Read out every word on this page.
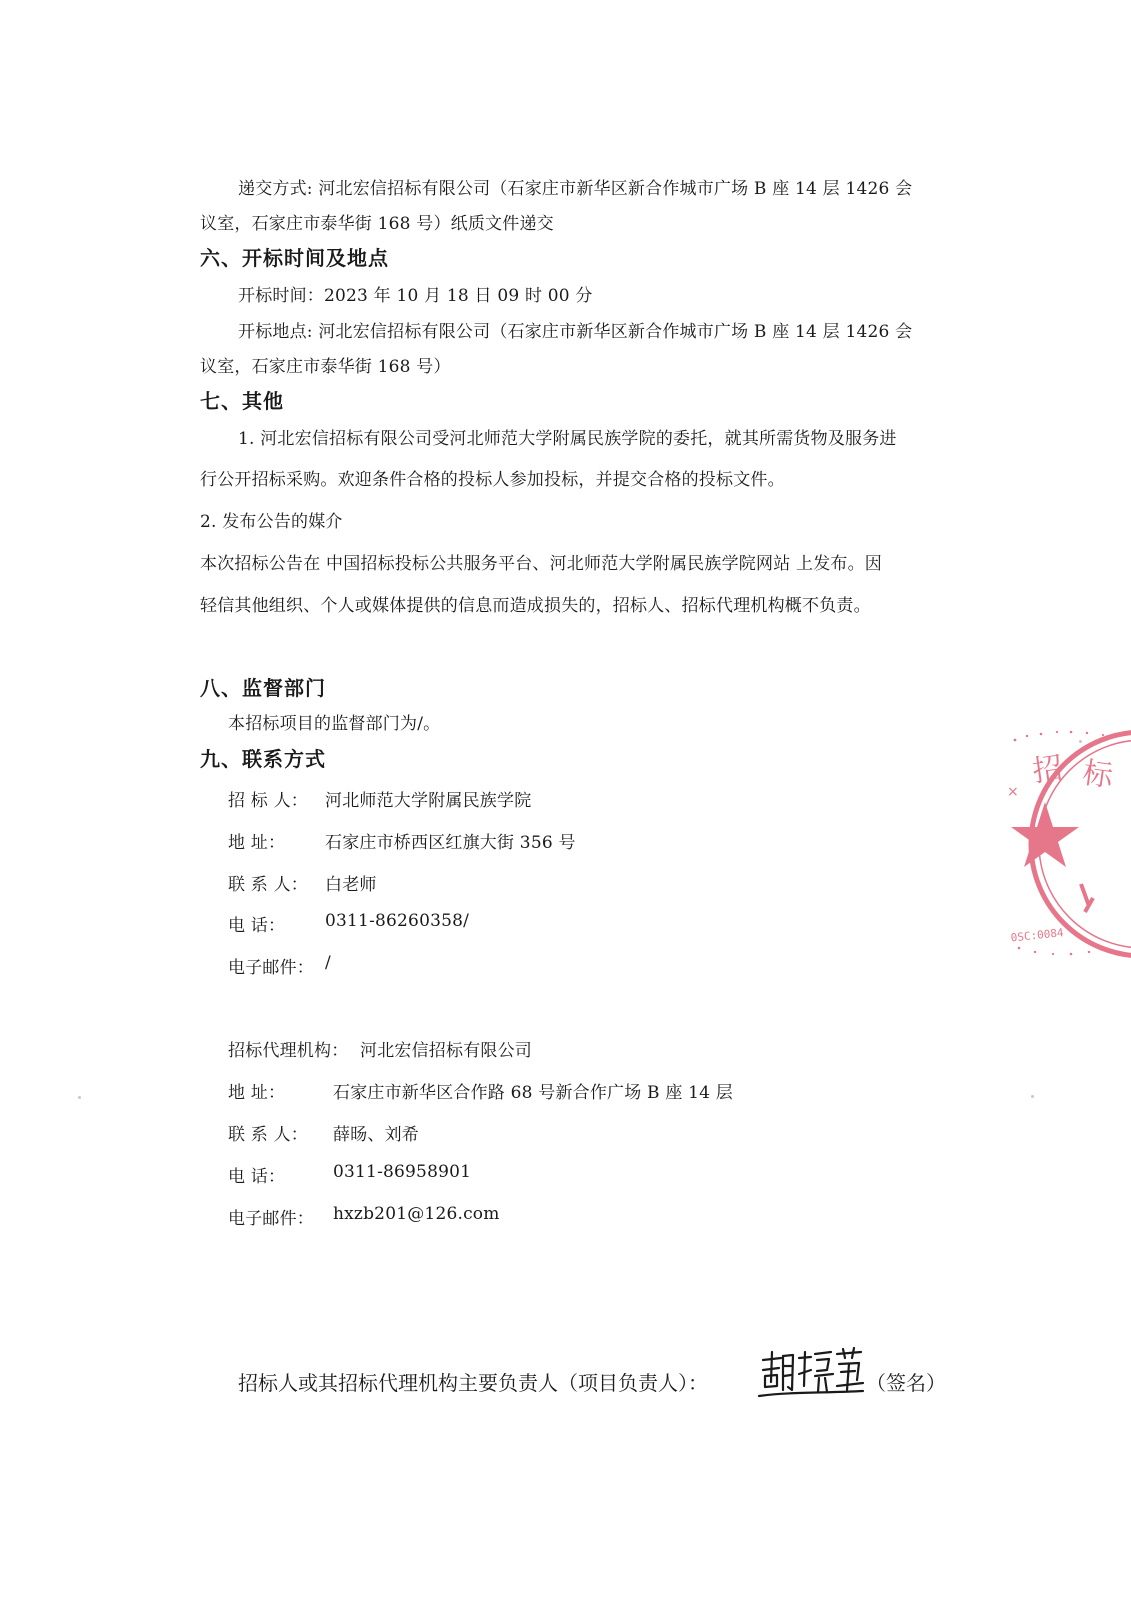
递交方式: 河北宏信招标有限公司（石家庄市新华区新合作城市广场 B 座 14 层 1426 会
议室，石家庄市泰华街 168 号）纸质文件递交
六、开标时间及地点
开标时间：2023 年 10 月 18 日 09 时 00 分
开标地点: 河北宏信招标有限公司（石家庄市新华区新合作城市广场 B 座 14 层 1426 会
议室，石家庄市泰华街 168 号）
七、其他
1. 河北宏信招标有限公司受河北师范大学附属民族学院的委托，就其所需货物及服务进
行公开招标采购。欢迎条件合格的投标人参加投标，并提交合格的投标文件。
2. 发布公告的媒介
本次招标公告在 中国招标投标公共服务平台、河北师范大学附属民族学院网站 上发布。因
轻信其他组织、个人或媒体提供的信息而造成损失的，招标人、招标代理机构概不负责。
八、监督部门
本招标项目的监督部门为/。
九、联系方式
招 标 人： 河北师范大学附属民族学院
地 址： 石家庄市桥西区红旗大街 356 号
联 系 人： 白老师
电 话： 0311-86260358/
电子邮件： /
招标代理机构： 河北宏信招标有限公司
地 址：	石家庄市新华区合作路 68 号新合作广场 B 座 14 层
联 系 人： 薛旸、刘希
电 话：	0311-86958901
电子邮件： hxzb201@126.com
招标人或其招标代理机构主要负责人（项目负责人）：	（签名）
招 标
×
0SC:0084
